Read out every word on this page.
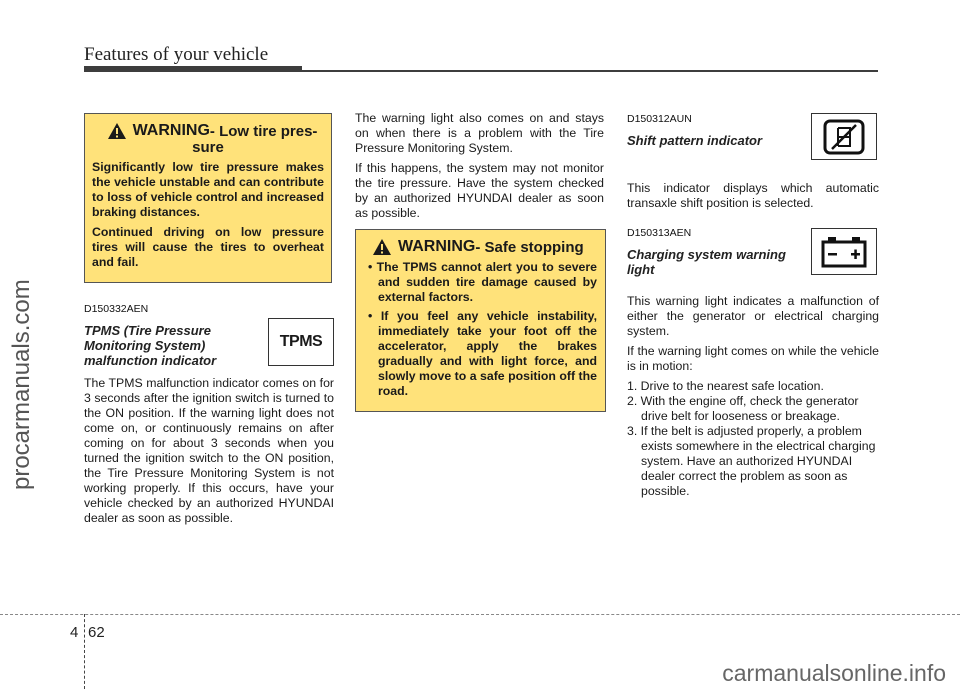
Features of your vehicle
procarmanuals.com
WARNING - Low tire pres-
sure
Significantly low tire pressure makes the vehicle unstable and can contribute to loss of vehicle control and increased braking distances.
Continued driving on low pressure tires will cause the tires to overheat and fail.
D150332AEN
TPMS (Tire Pressure Monitoring System) malfunction indicator

The TPMS malfunction indicator comes on for 3 seconds after the ignition switch is turned to the ON position. If the warning light does not come on, or continuously remains on after coming on for about 3 seconds when you turned the ignition switch to the ON position, the Tire Pressure Monitoring System is not working properly. If this occurs, have your vehicle checked by an authorized HYUNDAI dealer as soon as possible.

TPMS

The warning light also comes on and stays on when there is a problem with the Tire Pressure Monitoring System.

If this happens, the system may not monitor the tire pressure. Have the system checked by an authorized HYUNDAI dealer as soon as possible.

WARNING - Safe stopping
• The TPMS cannot alert you to severe and sudden tire damage caused by external factors.
• If you feel any vehicle instability, immediately take your foot off the accelerator, apply the brakes gradually and with light force, and slowly move to a safe position off the road.
D150312AUN
Shift pattern indicator

This indicator displays which automatic transaxle shift position is selected.

D150313AEN
Charging system warning light

This warning light indicates a malfunction of either the generator or electrical charging system.

If the warning light comes on while the vehicle is in motion:

1. Drive to the nearest safe location.
2. With the engine off, check the generator drive belt for looseness or breakage.
3. If the belt is adjusted properly, a problem exists somewhere in the electrical charging system. Have an authorized HYUNDAI dealer correct the problem as soon as possible.
4 62
carmanualsonline.info
